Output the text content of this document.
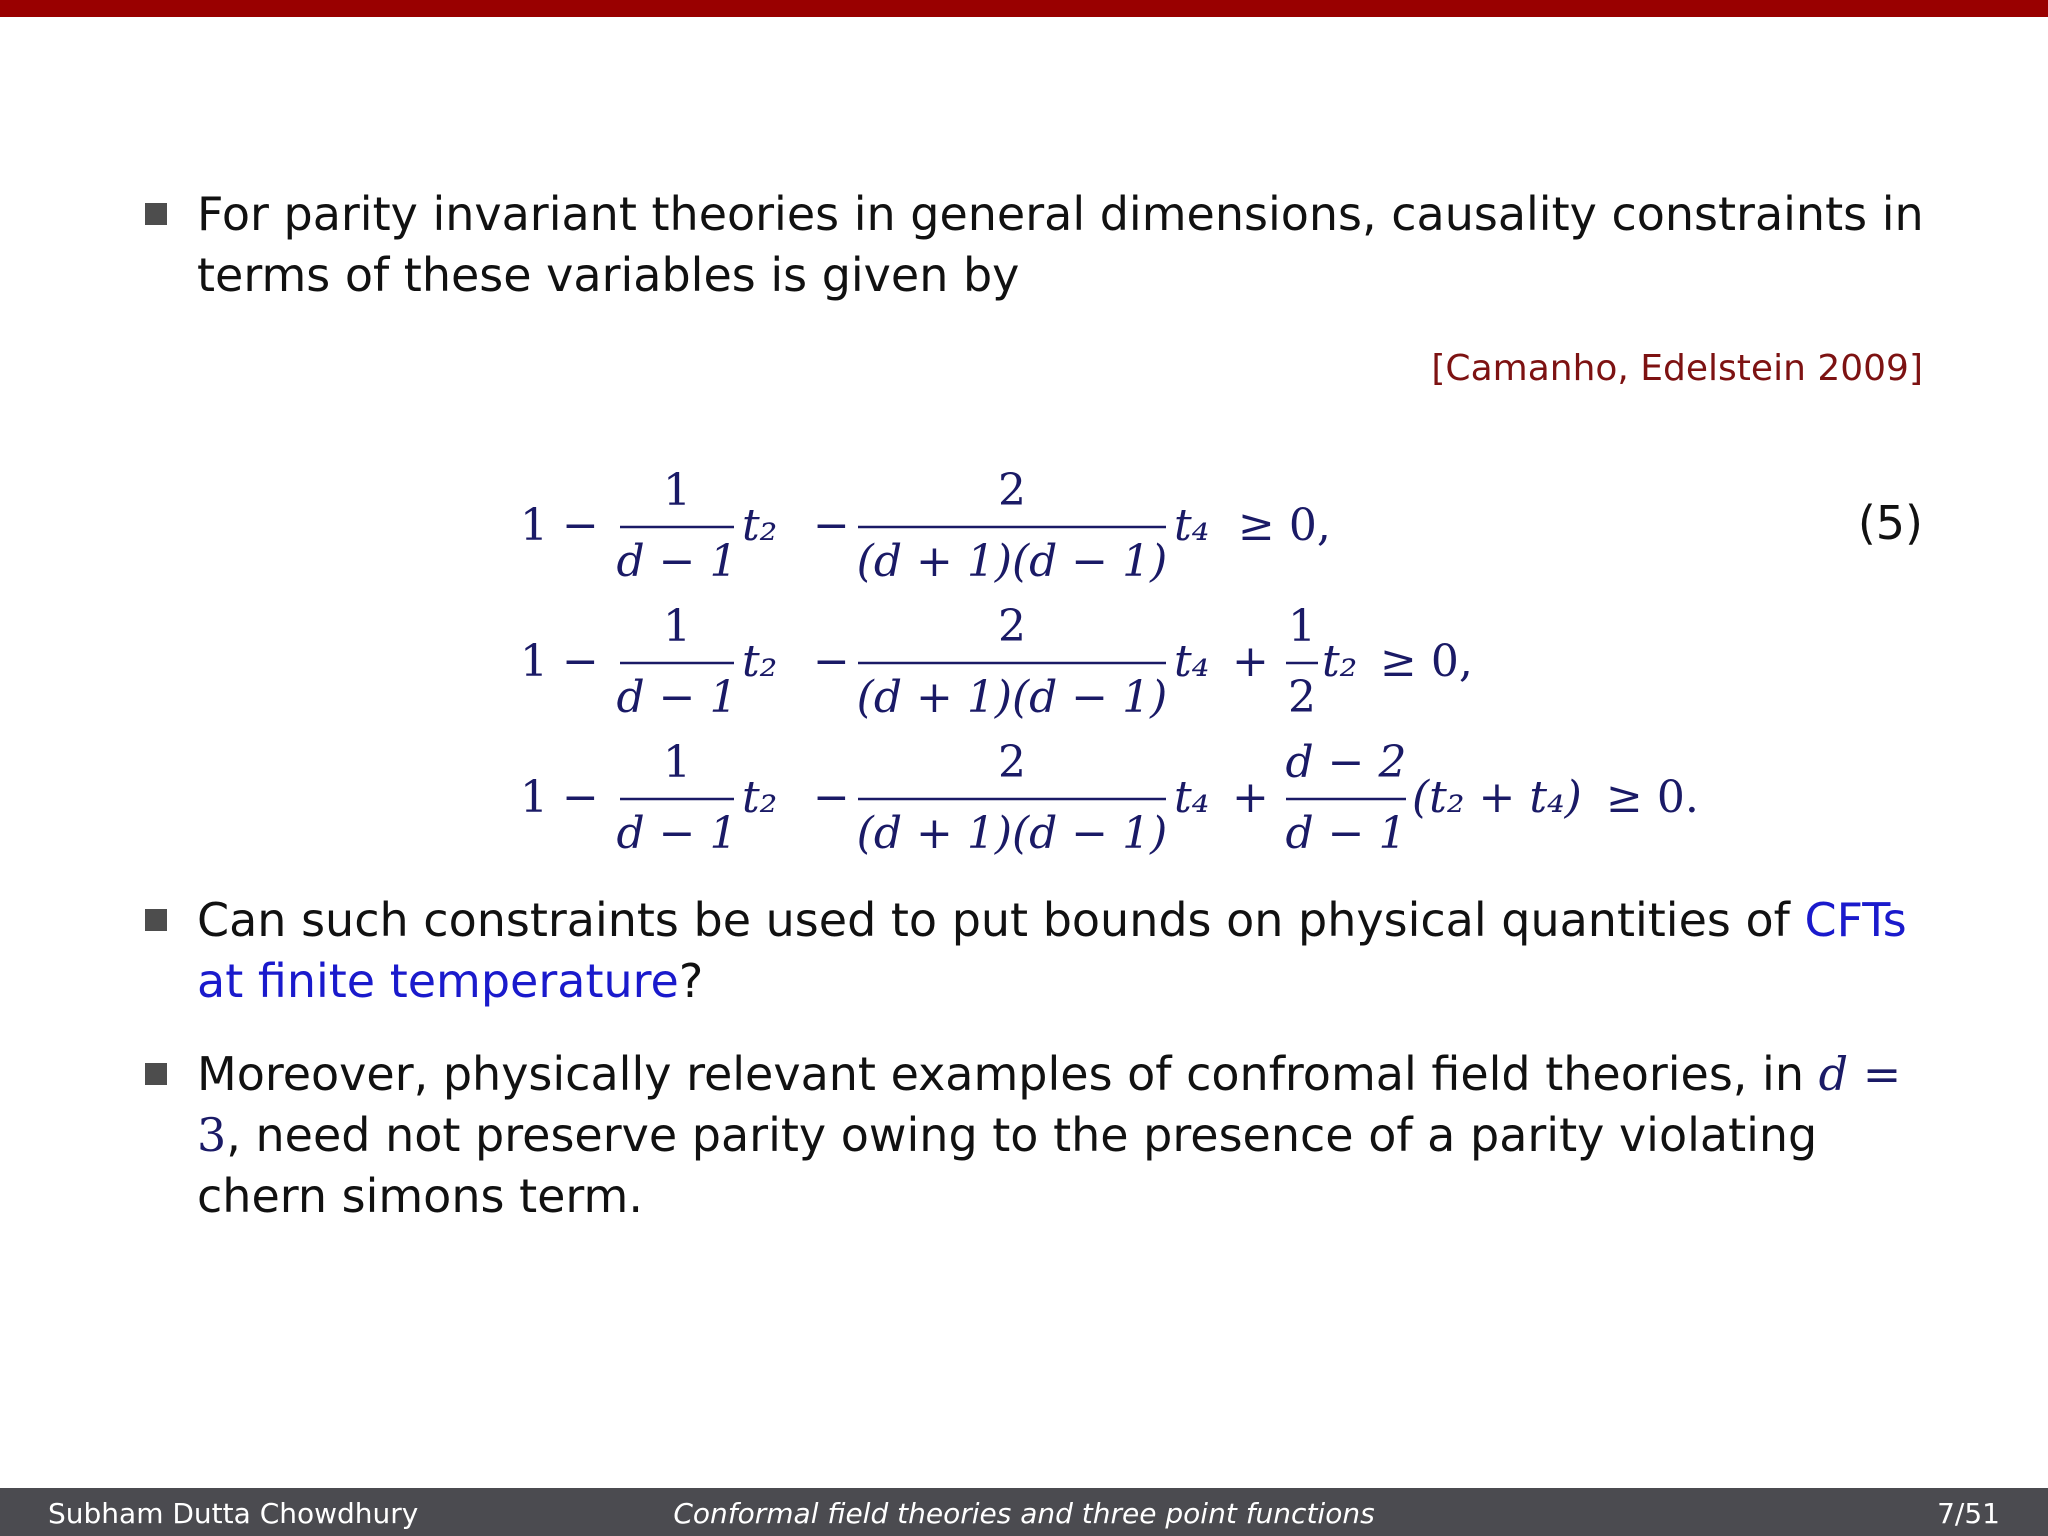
For parity invariant theories in general dimensions, causality constraints in terms of these variables is given by
[Camanho, Edelstein 2009]
1 −
1
d − 1
t₂ −
2
(d + 1)(d − 1)
t₄ ≥ 0,
1 −
1
d − 1
t₂ −
2
(d + 1)(d − 1)
t₄ +
1
2
t₂ ≥ 0,
1 −
1
d − 1
t₂ −
2
(d + 1)(d − 1)
t₄ +
d − 2
d − 1
(t₂ + t₄) ≥ 0.
(5)
Can such constraints be used to put bounds on physical quantities of CFTs at finite temperature?
Moreover, physically relevant examples of confromal field theories, in d = 3, need not preserve parity owing to the presence of a parity violating chern simons term.
Subham Dutta Chowdhury	Conformal field theories and three point functions	7/51
